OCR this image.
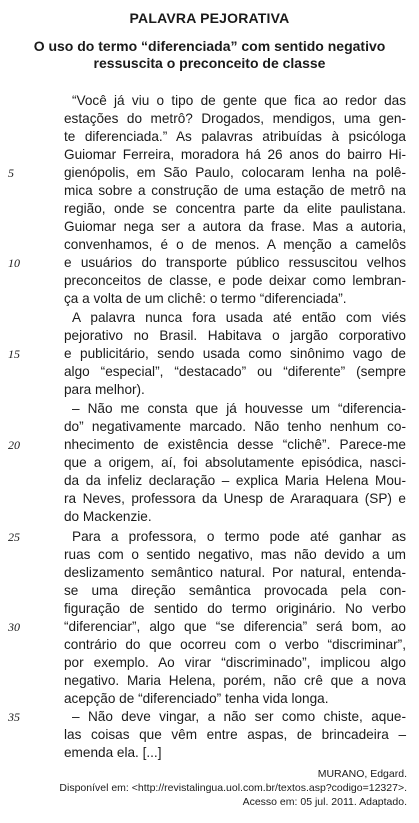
PALAVRA PEJORATIVA
O uso do termo “diferenciada” com sentido negativo
ressuscita o preconceito de classe
“Você já viu o tipo de gente que fica ao redor das
estações do metrô? Drogados, mendigos, uma gen-
te diferenciada.” As palavras atribuídas à psicóloga
Guiomar Ferreira, moradora há 26 anos do bairro Hi-
gienópolis, em São Paulo, colocaram lenha na polê-
mica sobre a construção de uma estação de metrô na
região, onde se concentra parte da elite paulistana.
Guiomar nega ser a autora da frase. Mas a autoria,
convenhamos, é o de menos. A menção a camelôs
e usuários do transporte público ressuscitou velhos
preconceitos de classe, e pode deixar como lembran-
ça a volta de um clichê: o termo “diferenciada”.
A palavra nunca fora usada até então com viés
pejorativo no Brasil. Habitava o jargão corporativo
e publicitário, sendo usada como sinônimo vago de
algo “especial”, “destacado” ou “diferente” (sempre
para melhor).
– Não me consta que já houvesse um “diferencia-
do” negativamente marcado. Não tenho nenhum co-
nhecimento de existência desse “clichê”. Parece-me
que a origem, aí, foi absolutamente episódica, nasci-
da da infeliz declaração – explica Maria Helena Mou-
ra Neves, professora da Unesp de Araraquara (SP) e
do Mackenzie.
Para a professora, o termo pode até ganhar as
ruas com o sentido negativo, mas não devido a um
deslizamento semântico natural. Por natural, entenda-
se uma direção semântica provocada pela con-
figuração de sentido do termo originário. No verbo
“diferenciar”, algo que “se diferencia” será bom, ao
contrário do que ocorreu com o verbo “discriminar”,
por exemplo. Ao virar “discriminado”, implicou algo
negativo. Maria Helena, porém, não crê que a nova
acepção de “diferenciado” tenha vida longa.
– Não deve vingar, a não ser como chiste, aque-
las coisas que vêm entre aspas, de brincadeira –
emenda ela. [...]
5
10
15
20
25
30
35
MURANO, Edgard.
Disponível em: <http://revistalingua.uol.com.br/textos.asp?codigo=12327>.
Acesso em: 05 jul. 2011. Adaptado.
